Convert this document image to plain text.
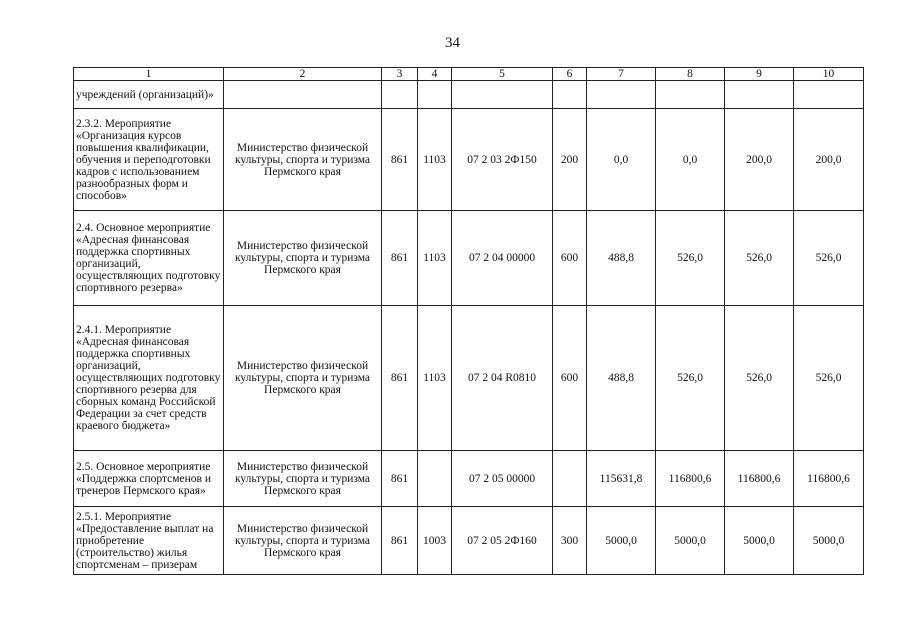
34
1	2	3	4	5	6	7	8	9	10
учреждений (организаций)»									
2.3.2. Мероприятие «Организация курсов повышения квалификации, обучения и переподготовки кадров с использованием разнообразных форм и способов»	Министерство физической культуры, спорта и туризма Пермского края	861	1103	07 2 03 2Ф150	200	0,0	0,0	200,0	200,0
2.4. Основное мероприятие «Адресная финансовая поддержка спортивных организаций, осуществляющих подготовку спортивного резерва»	Министерство физической культуры, спорта и туризма Пермского края	861	1103	07 2 04 00000	600	488,8	526,0	526,0	526,0
2.4.1. Мероприятие «Адресная финансовая поддержка спортивных организаций, осуществляющих подготовку спортивного резерва для сборных команд Российской Федерации за счет средств краевого бюджета»	Министерство физической культуры, спорта и туризма Пермского края	861	1103	07 2 04 R0810	600	488,8	526,0	526,0	526,0
2.5. Основное мероприятие «Поддержка спортсменов и тренеров Пермского края»	Министерство физической культуры, спорта и туризма Пермского края	861		07 2 05 00000		115631,8	116800,6	116800,6	116800,6
2.5.1. Мероприятие «Предоставление выплат на приобретение (строительство) жилья спортсменам – призерам	Министерство физической культуры, спорта и туризма Пермского края	861	1003	07 2 05 2Ф160	300	5000,0	5000,0	5000,0	5000,0
